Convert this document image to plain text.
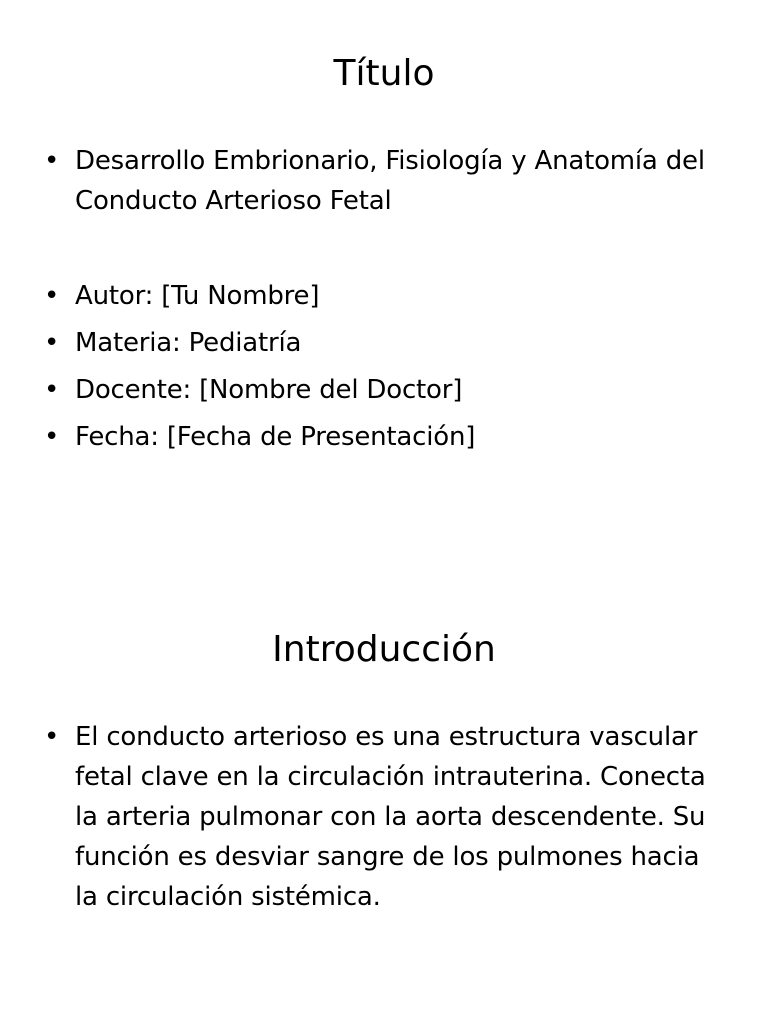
Título
•
Desarrollo Embrionario, Fisiología y Anatomía del Conducto Arterioso Fetal
•
Autor: [Tu Nombre]
•
Materia: Pediatría
•
Docente: [Nombre del Doctor]
•
Fecha: [Fecha de Presentación]
Introducción
•
El conducto arterioso es una estructura vascular fetal clave en la circulación intrauterina. Conecta la arteria pulmonar con la aorta descendente. Su función es desviar sangre de los pulmones hacia la circulación sistémica.
